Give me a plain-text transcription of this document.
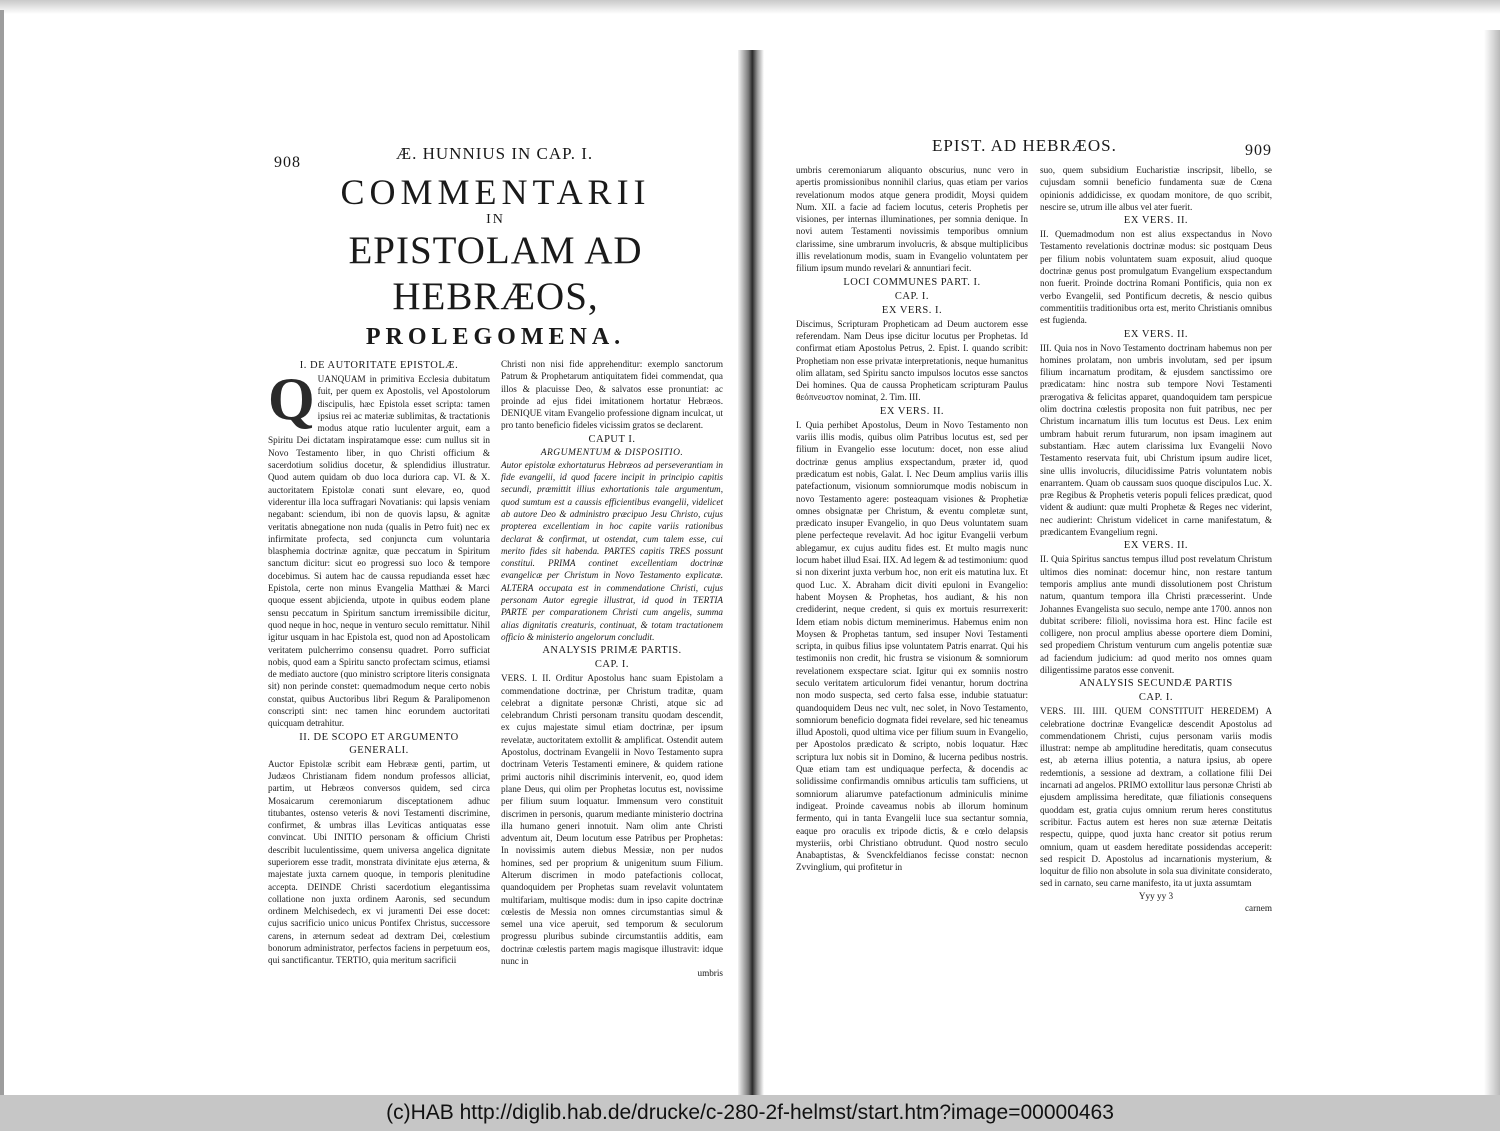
908	Æ. HUNNIUS IN CAP. I.
COMMENTARII
IN
EPISTOLAM AD HEBRÆOS,
PROLEGOMENA.
I. DE AUTORITATE EPISTOLÆ.

QUANQUAM in primitiva Ecclesia dubitatum fuit, per quem ex Apostolis, vel Apostolorum discipulis, hæc Epistola esset scripta: tamen ipsius rei ac materiæ sublimitas, & tractationis modus atque ratio luculenter arguit, eam a Spiritu Dei dictatam inspiratamque esse: cum nullus sit in Novo Testamento liber, in quo Christi officium & sacerdotium solidius docetur, & splendidius illustratur. Quod autem quidam ob duo loca duriora cap. VI. & X. auctoritatem Epistolæ conati sunt elevare, eo, quod viderentur illa loca suffragari Novatianis: qui lapsis veniam negabant: sciendum, ibi non de quovis lapsu, & agnitæ veritatis abnegatione non nuda (qualis in Petro fuit) nec ex infirmitate profecta, sed conjuncta cum voluntaria blasphemia doctrinæ agnitæ, quæ peccatum in Spiritum sanctum dicitur: sicut eo progressi suo loco & tempore docebimus. Si autem hac de caussa repudianda esset hæc Epistola, certe non minus Evangelia Matthæi & Marci quoque essent abjicienda, utpote in quibus eodem plane sensu peccatum in Spiritum sanctum irremissibile dicitur, quod neque in hoc, neque in venturo seculo remittatur. Nihil igitur usquam in hac Epistola est, quod non ad Apostolicam veritatem pulcherrimo consensu quadret. Porro sufficiat nobis, quod eam a Spiritu sancto profectam scimus, etiamsi de mediato auctore (quo ministro scriptore literis consignata sit) non perinde constet: quemadmodum neque certo nobis constat, quibus Auctoribus libri Regum & Paralipomenon conscripti sint: nec tamen hinc eorundem auctoritati quicquam detrahitur.

II. DE SCOPO ET ARGUMENTO GENERALI.

Auctor Epistolæ scribit eam Hebrææ genti, partim, ut Judæos Christianam fidem nondum professos alliciat, partim, ut Hebræos conversos quidem, sed circa Mosaicarum ceremoniarum disceptationem adhuc titubantes, ostenso veteris & novi Testamenti discrimine, confirmet, & umbras illas Leviticas antiquatas esse convincat. Ubi INITIO personam & officium Christi describit luculentissime, quem universa angelica dignitate superiorem esse tradit, monstrata divinitate ejus æterna, & majestate juxta carnem quoque, in temporis plenitudine accepta. DEINDE Christi sacerdotium elegantissima collatione non juxta ordinem Aaronis, sed secundum ordinem Melchisedech, ex vi juramenti Dei esse docet: cujus sacrificio unico unicus Pontifex Christus, successore carens, in æternum sedeat ad dextram Dei, cœlestium bonorum administrator, perfectos faciens in perpetuum eos, qui sanctificantur. TERTIO, quia meritum sacrificii

Christi non nisi fide apprehenditur: exemplo sanctorum Patrum & Prophetarum antiquitatem fidei commendat, qua illos & placuisse Deo, & salvatos esse pronuntiat: ac proinde ad ejus fidei imitationem hortatur Hebræos. DENIQUE vitam Evangelio professione dignam inculcat, ut pro tanto beneficio fideles vicissim gratos se declarent.

CAPUT I.
ARGUMENTUM & DISPOSITIO.

Autor epistolæ exhortaturus Hebræos ad perseverantiam in fide evangelii, id quod facere incipit in principio capitis secundi, præmittit illius exhortationis tale argumentum, quod sumtum est a caussis efficientibus evangelii, videlicet ab autore Deo & administro præcipuo Jesu Christo, cujus propterea excellentiam in hoc capite variis rationibus declarat & confirmat, ut ostendat, cum talem esse, cui merito fides sit habenda. PARTES capitis TRES possunt constitui. PRIMA continet excellentiam doctrinæ evangelicæ per Christum in Novo Testamento explicatæ. ALTERA occupata est in commendatione Christi, cujus personam Autor egregie illustrat, id quod in TERTIA PARTE per comparationem Christi cum angelis, summa alias dignitatis creaturis, continuat, & totam tractationem officio & ministerio angelorum concludit.

ANALYSIS PRIMÆ PARTIS.
CAP. I.

VERS. I. II. Orditur Apostolus hanc suam Epistolam a commendatione doctrinæ, per Christum traditæ, quam celebrat a dignitate personæ Christi, atque sic ad celebrandum Christi personam transitu quodam descendit, ex cujus majestate simul etiam doctrinæ, per ipsum revelatæ, auctoritatem extollit & amplificat. Ostendit autem Apostolus, doctrinam Evangelii in Novo Testamento supra doctrinam Veteris Testamenti eminere, & quidem ratione primi auctoris nihil discriminis intervenit, eo, quod idem plane Deus, qui olim per Prophetas locutus est, novissime per filium suum loquatur. Immensum vero constituit discrimen in personis, quarum mediante ministerio doctrina illa humano generi innotuit. Nam olim ante Christi adventum ait, Deum locutum esse Patribus per Prophetas: In novissimis autem diebus Messiæ, non per nudos homines, sed per proprium & unigenitum suum Filium. Alterum discrimen in modo patefactionis collocat, quandoquidem per Prophetas suam revelavit voluntatem multifariam, multisque modis: dum in ipso capite doctrinæ cœlestis de Messia non omnes circumstantias simul & semel una vice aperuit, sed temporum & seculorum progressu pluribus subinde circumstantiis additis, eam doctrinæ cœlestis partem magis magisque illustravit: idque nunc in

umbris
EPIST. AD HEBRÆOS.	909

umbris ceremoniarum aliquanto obscurius, nunc vero in apertis promissionibus nonnihil clarius, quas etiam per varios revelationum modos atque genera prodidit, Moysi quidem Num. XII. a facie ad faciem locutus, ceteris Prophetis per visiones, per internas illuminationes, per somnia denique. In novi autem Testamenti novissimis temporibus omnium clarissime, sine umbrarum involucris, & absque multiplicibus illis revelationum modis, suam in Evangelio voluntatem per filium ipsum mundo revelari & annuntiari fecit.

LOCI COMMUNES PART. I.
CAP. I.
EX VERS. I.

Discimus, Scripturam Propheticam ad Deum auctorem esse referendam. Nam Deus ipse dicitur locutus per Prophetas. Id confirmat etiam Apostolus Petrus, 2. Epist. I. quando scribit: Prophetiam non esse privatæ interpretationis, neque humanitus olim allatam, sed Spiritu sancto impulsos locutos esse sanctos Dei homines. Qua de caussa Propheticam scripturam Paulus θεόπνευστον nominat, 2. Tim. III.

EX VERS. II.

I. Quia perhibet Apostolus, Deum in Novo Testamento non variis illis modis, quibus olim Patribus locutus est, sed per filium in Evangelio esse locutum: docet, non esse aliud doctrinæ genus amplius exspectandum, præter id, quod prædicatum est nobis, Galat. I. Nec Deum amplius variis illis patefactionum, visionum somniorumque modis nobiscum in novo Testamento agere: posteaquam visiones & Prophetiæ omnes obsignatæ per Christum, & eventu completæ sunt, prædicato insuper Evangelio, in quo Deus voluntatem suam plene perfecteque revelavit. Ad hoc igitur Evangelii verbum ablegamur, ex cujus auditu fides est. Et multo magis nunc locum habet illud Esai. IIX. Ad legem & ad testimonium: quod si non dixerint juxta verbum hoc, non erit eis matutina lux. Et quod Luc. X. Abraham dicit diviti epuloni in Evangelio: habent Moysen & Prophetas, hos audiant, & his non crediderint, neque credent, si quis ex mortuis resurrexerit: Idem etiam nobis dictum meminerimus. Habemus enim non Moysen & Prophetas tantum, sed insuper Novi Testamenti scripta, in quibus filius ipse voluntatem Patris enarrat. Qui his testimoniis non credit, hic frustra se visionum & somniorum revelationem exspectare sciat. Igitur qui ex somniis nostro seculo veritatem articulorum fidei venantur, horum doctrina non modo suspecta, sed certo falsa esse, indubie statuatur: quandoquidem Deus nec vult, nec solet, in Novo Testamento, somniorum beneficio dogmata fidei revelare, sed hic teneamus illud Apostoli, quod ultima vice per filium suum in Evangelio, per Apostolos prædicato & scripto, nobis loquatur. Hæc scriptura lux nobis sit in Domino, & lucerna pedibus nostris. Quæ etiam tam est undiquaque perfecta, & docendis ac solidissime confirmandis omnibus articulis tam sufficiens, ut somniorum aliarumve patefactionum adminiculis minime indigeat. Proinde caveamus nobis ab illorum hominum fermento, qui in tanta Evangelii luce sua sectantur somnia, eaque pro oraculis ex tripode dictis, & e cœlo delapsis mysteriis, orbi Christiano obtrudunt. Quod nostro seculo Anabaptistas, & Svenckfeldianos fecisse constat: necnon Zvvinglium, qui profitetur in

suo, quem subsidium Eucharistiæ inscripsit, libello, se cujusdam somnii beneficio fundamenta suæ de Cœna opinionis addidicisse, ex quodam monitore, de quo scribit, nescire se, utrum ille albus vel ater fuerit.

EX VERS. II.

II. Quemadmodum non est alius exspectandus in Novo Testamento revelationis doctrinæ modus: sic postquam Deus per filium nobis voluntatem suam exposuit, aliud quoque doctrinæ genus post promulgatum Evangelium exspectandum non fuerit. Proinde doctrina Romani Pontificis, quia non ex verbo Evangelii, sed Pontificum decretis, & nescio quibus commentitiis traditionibus orta est, merito Christianis omnibus est fugienda.

EX VERS. II.

III. Quia nos in Novo Testamento doctrinam habemus non per homines prolatam, non umbris involutam, sed per ipsum filium incarnatum proditam, & ejusdem sanctissimo ore prædicatam: hinc nostra sub tempore Novi Testamenti prærogativa & felicitas apparet, quandoquidem tam perspicue olim doctrina cœlestis proposita non fuit patribus, nec per Christum incarnatum illis tum locutus est Deus. Lex enim umbram habuit rerum futurarum, non ipsam imaginem aut substantiam. Hæc autem clarissima lux Evangelii Novo Testamento reservata fuit, ubi Christum ipsum audire licet, sine ullis involucris, dilucidissime Patris voluntatem nobis enarrantem. Quam ob caussam suos quoque discipulos Luc. X. præ Regibus & Prophetis veteris populi felices prædicat, quod vident & audiunt: quæ multi Prophetæ & Reges nec viderint, nec audierint: Christum videlicet in carne manifestatum, & prædicantem Evangelium regni.

EX VERS. II.

II. Quia Spiritus sanctus tempus illud post revelatum Christum ultimos dies nominat: docemur hinc, non restare tantum temporis amplius ante mundi dissolutionem post Christum natum, quantum tempora illa Christi præcesserint. Unde Johannes Evangelista suo seculo, nempe ante 1700. annos non dubitat scribere: filioli, novissima hora est. Hinc facile est colligere, non procul amplius abesse oportere diem Domini, sed propediem Christum venturum cum angelis potentiæ suæ ad faciendum judicium: ad quod merito nos omnes quam diligentissime paratos esse convenit.

ANALYSIS SECUNDÆ PARTIS
CAP. I.

VERS. III. IIII. QUEM CONSTITUIT HEREDEM) A celebratione doctrinæ Evangelicæ descendit Apostolus ad commendationem Christi, cujus personam variis modis illustrat: nempe ab amplitudine hereditatis, quam consecutus est, ab æterna illius potentia, a natura ipsius, ab opere redemtionis, a sessione ad dextram, a collatione filii Dei incarnati ad angelos. PRIMO extollitur laus personæ Christi ab ejusdem amplissima hereditate, quæ filiationis consequens quoddam est, gratia cujus omnium rerum heres constitutus scribitur. Factus autem est heres non suæ æternæ Deitatis respectu, quippe, quod juxta hanc creator sit potius rerum omnium, quam ut easdem hereditate possidendas acceperit: sed respicit D. Apostolus ad incarnationis mysterium, & loquitur de filio non absolute in sola sua divinitate considerato, sed in carnato, seu carne manifesto, ita ut juxta assumtam

Yyy yy 3
carnem
(c)HAB http://diglib.hab.de/drucke/c-280-2f-helmst/start.htm?image=00000463
